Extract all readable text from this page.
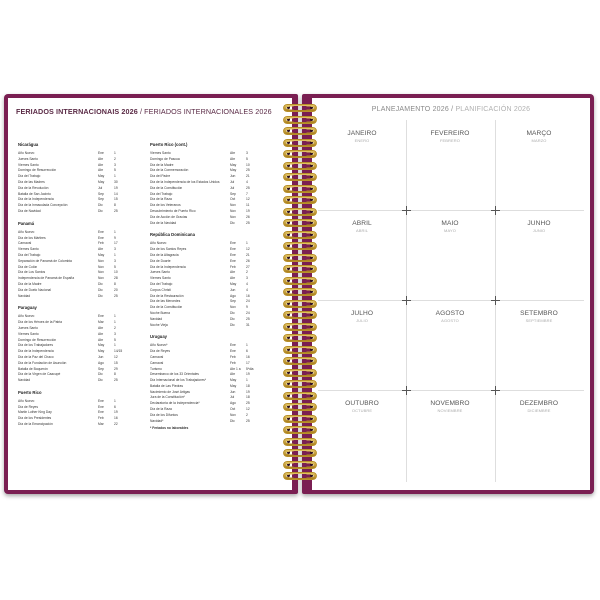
FERIADOS INTERNACIONAIS 2026 / FERIADOS INTERNACIONALES 2026
Nicarágua
Año Nuevo	Ene	1
Jueves Santo	Abr	2
Viernes Santo	Abr	3
Domingo de Resurrección	Abr	5
Día del Trabajo	May	1
Día de las Madres	May	30
Día de la Revolución	Jul	19
Batalla de San Jacinto	Sep	14
Día de la Independencia	Sep	15
Día de la Inmaculada Concepción	Dic	8
Día de Navidad	Dic	25
Panamá
Año Nuevo	Ene	1
Día de los Mártires	Ene	9
Carnaval	Feb	17
Viernes Santo	Abr	3
Día del Trabajo	May	1
Separación de Panamá de Colombia	Nov	3
Día de Colón	Nov	5
Día de Los Santos	Nov	10
Independencia de Panamá de España	Nov	28
Día de la Madre	Dic	8
Día de Duelo Nacional	Dic	20
Navidad	Dic	25
Paraguay
Año Nuevo	Ene	1
Día de los Héroes de la Patria	Mar	1
Jueves Santo	Abr	2
Viernes Santo	Abr	3
Domingo de Resurrección	Abr	5
Día de los Trabajadores	May	1
Día de la Independencia	May	14/15
Día de la Paz del Chaco	Jun	12
Día de la Fundación de Asunción	Ago	15
Batalla de Boquerón	Sep	29
Día de la Virgen de Caacupé	Dic	8
Navidad	Dic	25
Puerto Rico
Año Nuevo	Ene	1
Día de Reyes	Ene	6
Martin Luther King Day	Ene	19
Día de los Presidentes	Feb	16
Día de la Emancipación	Mar	22
Puerto Rico (cont.)
Viernes Santo	Abr	3
Domingo de Pascua	Abr	5
Día de la Madre	May	10
Día de la Conmemoración	May	25
Día del Padre	Jun	21
Día de la Independencia de los Estados Unidos	Jul	4
Día de la Constitución	Jul	25
Día del Trabajo	Sep	7
Día de la Raza	Oct	12
Día de los Veteranos	Nov	11
Descubrimiento de Puerto Rico	Nov	19
Día de Acción de Gracias	Nov	26
Día de la Navidad	Dic	25
República Dominicana
Año Nuevo	Ene	1
Día de los Santos Reyes	Ene	12
Día de la Altagracia	Ene	21
Día de Duarte	Ene	26
Día de la Independencia	Feb	27
Jueves Santo	Abr	2
Viernes Santo	Abr	3
Día del Trabajo	May	4
Corpus Christi	Jun	4
Día de la Restauración	Ago	16
Día de las Mercedes	Sep	24
Día de la Constitución	Nov	9
Noche Buena	Dic	24
Navidad	Dic	25
Noche Vieja	Dic	31
Uruguay
Año Nuevo*	Ene	1
Día de Reyes	Ene	6
Carnaval	Feb	16
Carnaval	Feb	17
Turismo	Abr 1 a	5*dia
Desembarco de los 33 Orientales	Abr	19
Día Internacional de los Trabajadores*	May	1
Batalla de Las Piedras	May	18
Nacimiento de José Artigas	Jun	19
Jura de la Constitución*	Jul	18
Declaratoria de la Independencia*	Ago	25
Día de la Raza	Oct	12
Día de los Difuntos	Nov	2
Navidad*	Dic	25
* Feriados no laborables
PLANEJAMENTO 2026 / PLANIFICACIÓN 2026
JANEIRO
ENERO
FEVEREIRO
FEBRERO
MARÇO
MARZO
ABRIL
ABRIL
MAIO
MAYO
JUNHO
JUNIO
JULHO
JULIO
AGOSTO
AGOSTO
SETEMBRO
SEPTIEMBRE
OUTUBRO
OCTUBRE
NOVEMBRO
NOVIEMBRE
DEZEMBRO
DICIEMBRE
